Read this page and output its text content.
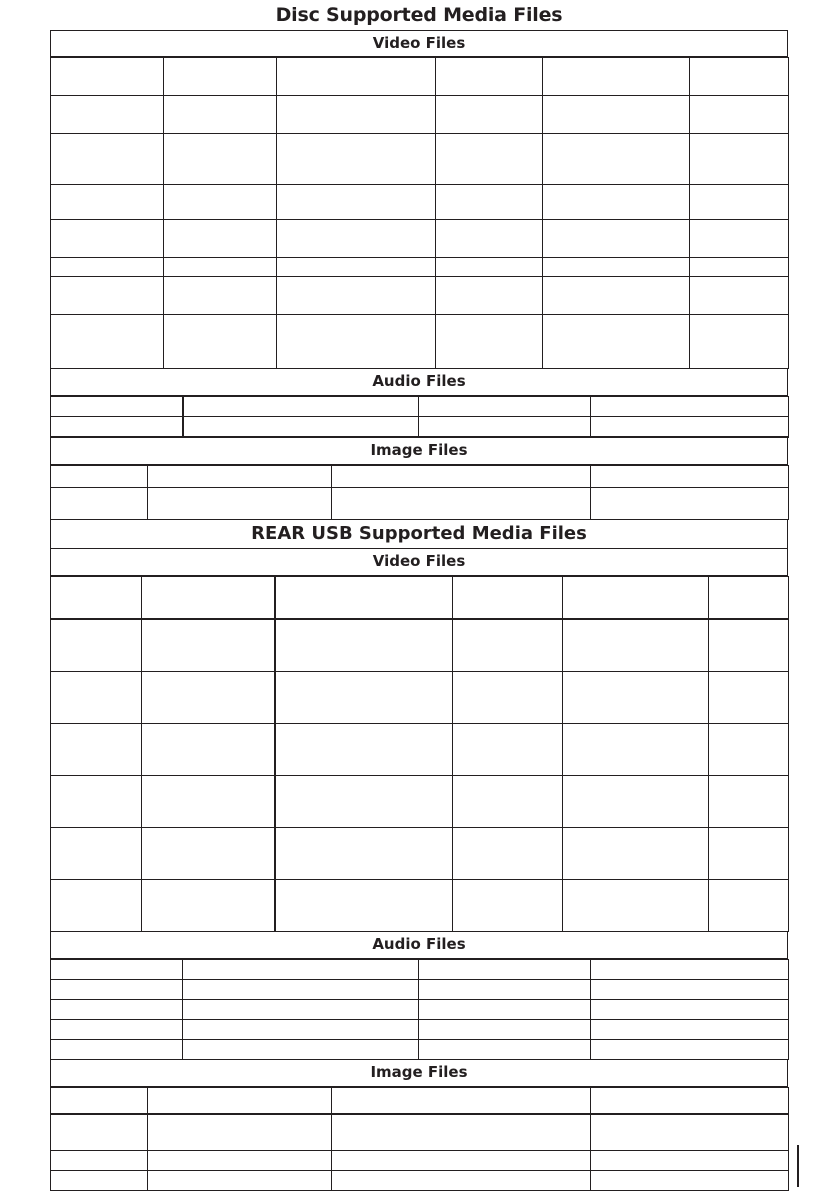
Disc Supported Media Files
Video Files

Audio Files

Image Files

REAR USB Supported Media Files
Video Files

Audio Files

Image Files
